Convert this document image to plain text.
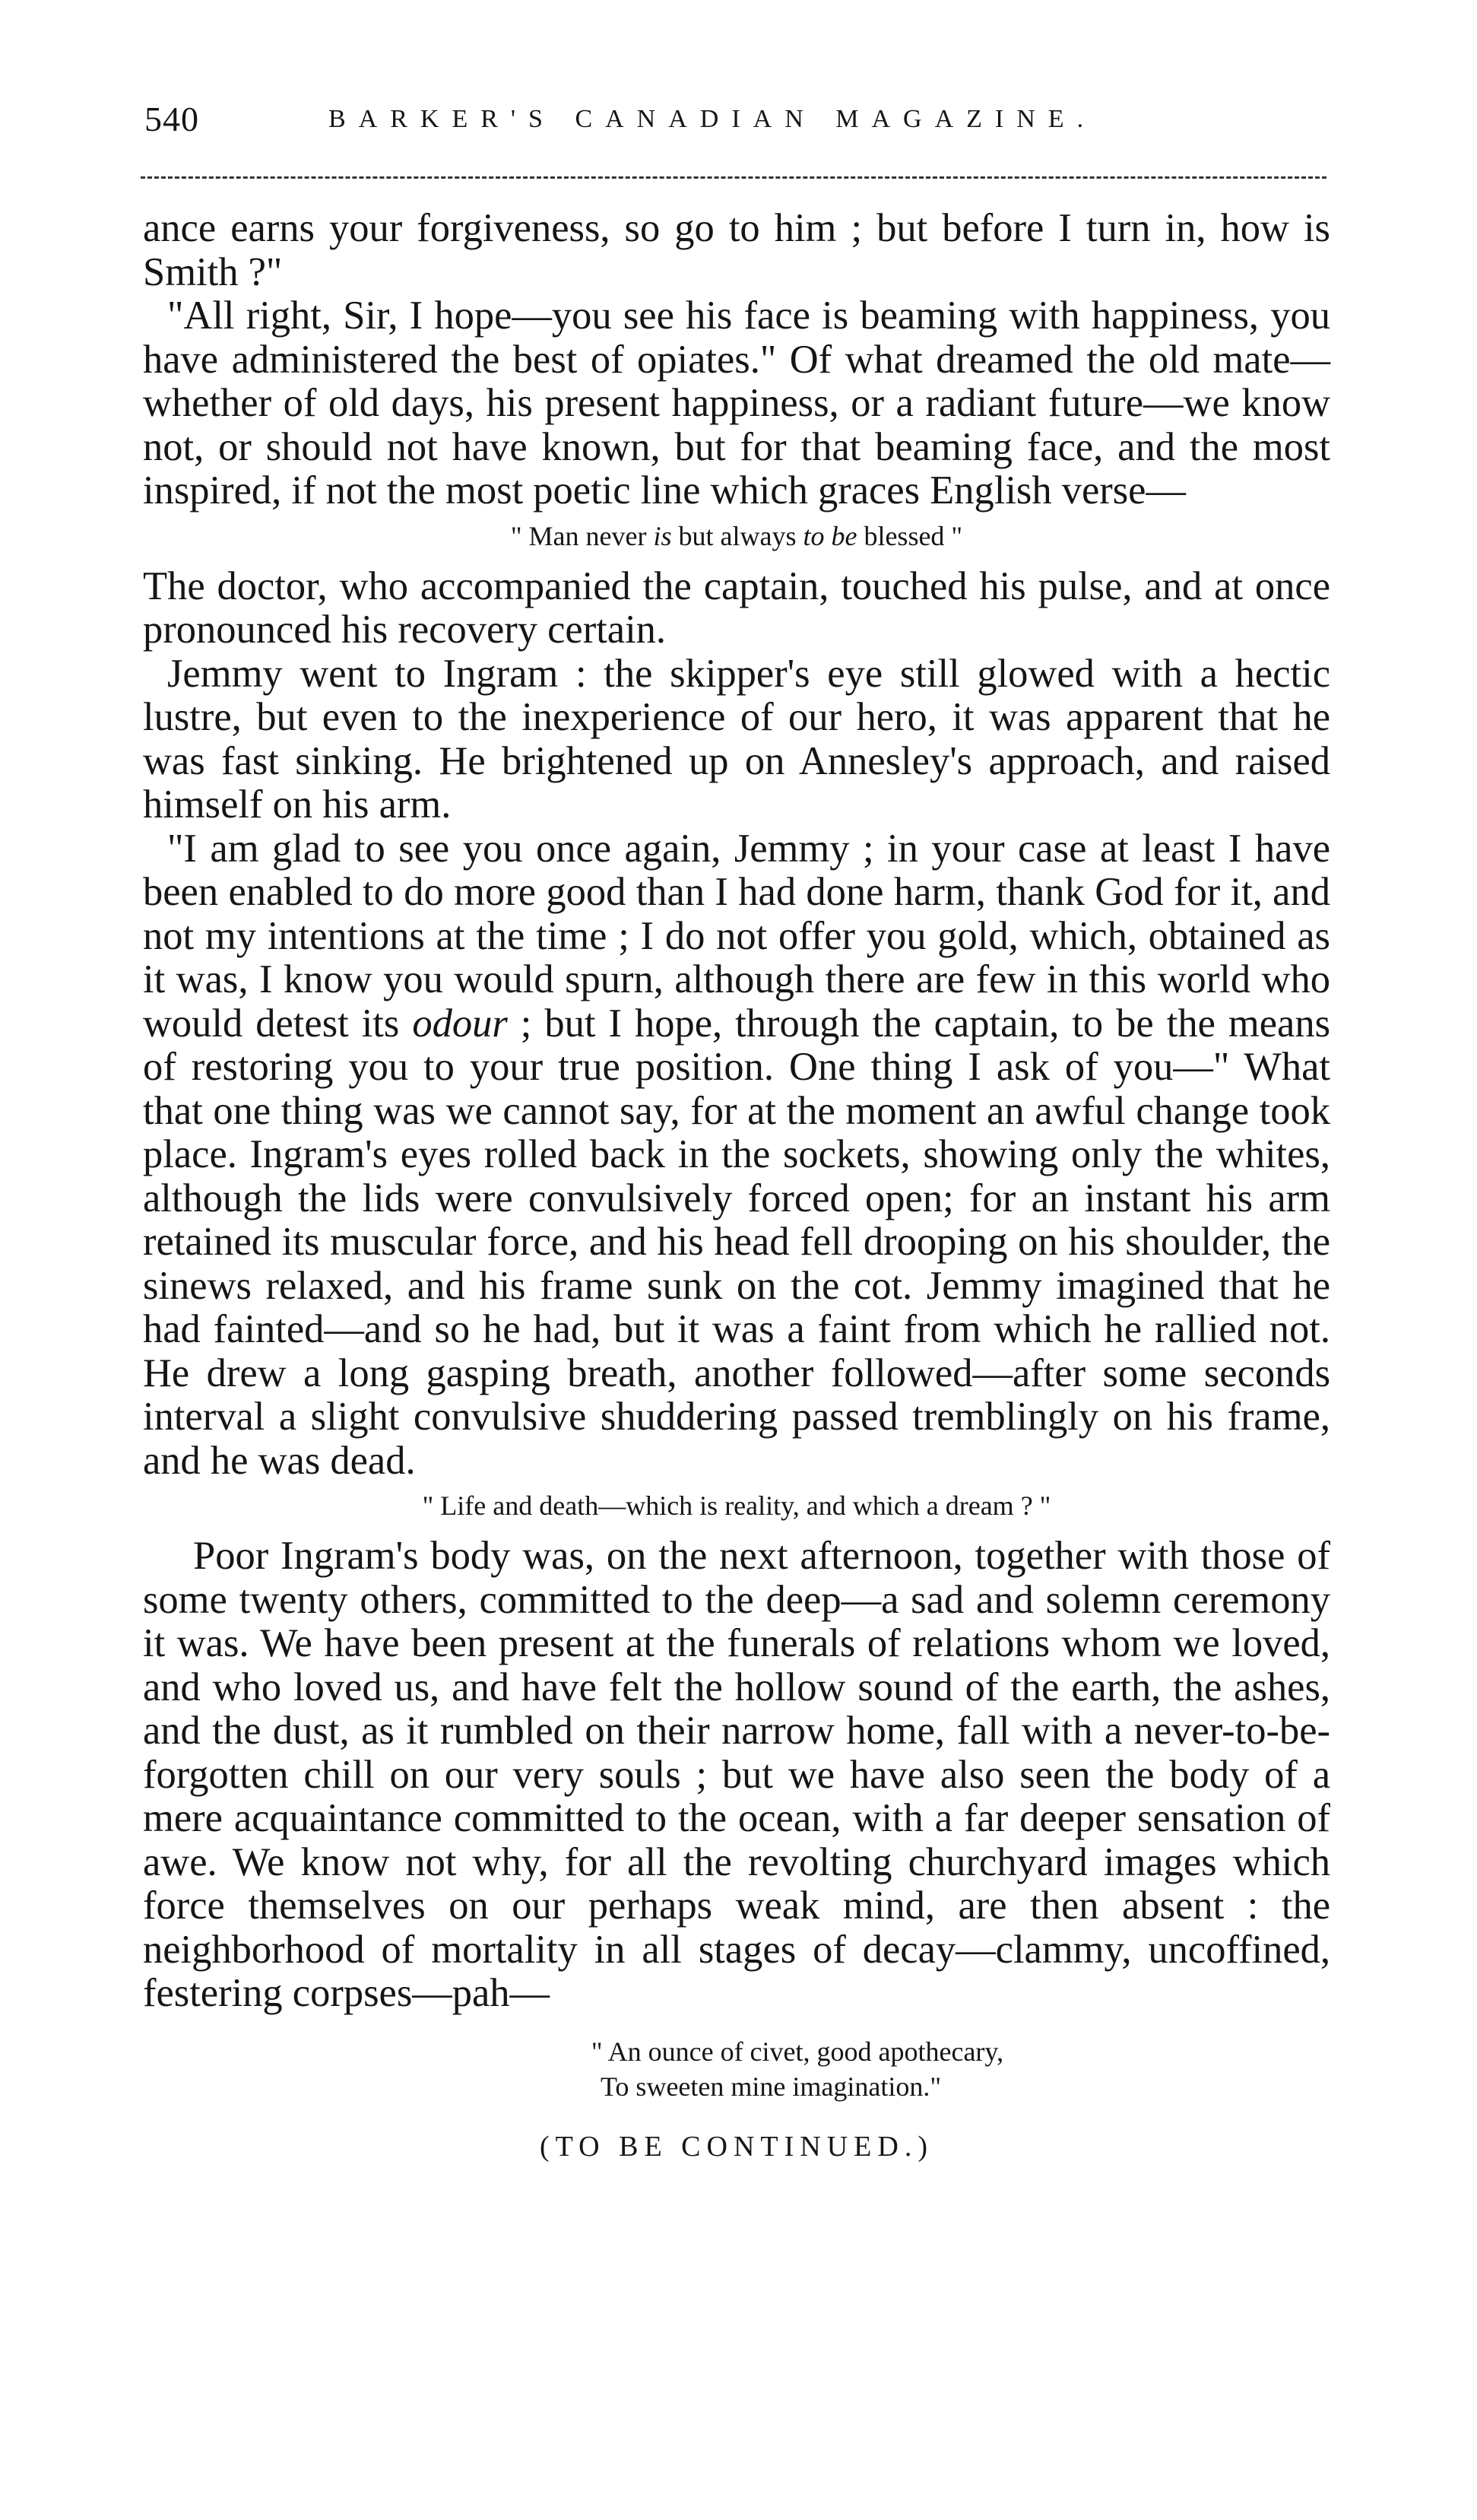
540	BARKER'S CANADIAN MAGAZINE.

ance earns your forgiveness, so go to him ; but before I turn in, how is Smith ?"

"All right, Sir, I hope—you see his face is beaming with happiness, you have administered the best of opiates." Of what dreamed the old mate—whether of old days, his present happiness, or a radiant future—we know not, or should not have known, but for that beaming face, and the most inspired, if not the most poetic line which graces English verse—

" Man never is but always to be blessed "

The doctor, who accompanied the captain, touched his pulse, and at once pronounced his recovery certain.

Jemmy went to Ingram : the skipper's eye still glowed with a hectic lustre, but even to the inexperience of our hero, it was apparent that he was fast sinking. He brightened up on Annesley's approach, and raised himself on his arm.

"I am glad to see you once again, Jemmy ; in your case at least I have been enabled to do more good than I had done harm, thank God for it, and not my intentions at the time ; I do not offer you gold, which, obtained as it was, I know you would spurn, although there are few in this world who would detest its odour ; but I hope, through the captain, to be the means of restoring you to your true position. One thing I ask of you—" What that one thing was we cannot say, for at the moment an awful change took place. Ingram's eyes rolled back in the sockets, showing only the whites, although the lids were convulsively forced open; for an instant his arm retained its muscular force, and his head fell drooping on his shoulder, the sinews relaxed, and his frame sunk on the cot. Jemmy imagined that he had fainted—and so he had, but it was a faint from which he rallied not. He drew a long gasping breath, another followed—after some seconds interval a slight convulsive shuddering passed tremblingly on his frame, and he was dead.

" Life and death—which is reality, and which a dream ? "

Poor Ingram's body was, on the next afternoon, together with those of some twenty others, committed to the deep—a sad and solemn ceremony it was. We have been present at the funerals of relations whom we loved, and who loved us, and have felt the hollow sound of the earth, the ashes, and the dust, as it rumbled on their narrow home, fall with a never-to-be-forgotten chill on our very souls ; but we have also seen the body of a mere acquaintance committed to the ocean, with a far deeper sensation of awe. We know not why, for all the revolting churchyard images which force themselves on our perhaps weak mind, are then absent : the neighborhood of mortality in all stages of decay—clammy, uncoffined, festering corpses—pah—

" An ounce of civet, good apothecary,
To sweeten mine imagination."
(TO BE CONTINUED.)
